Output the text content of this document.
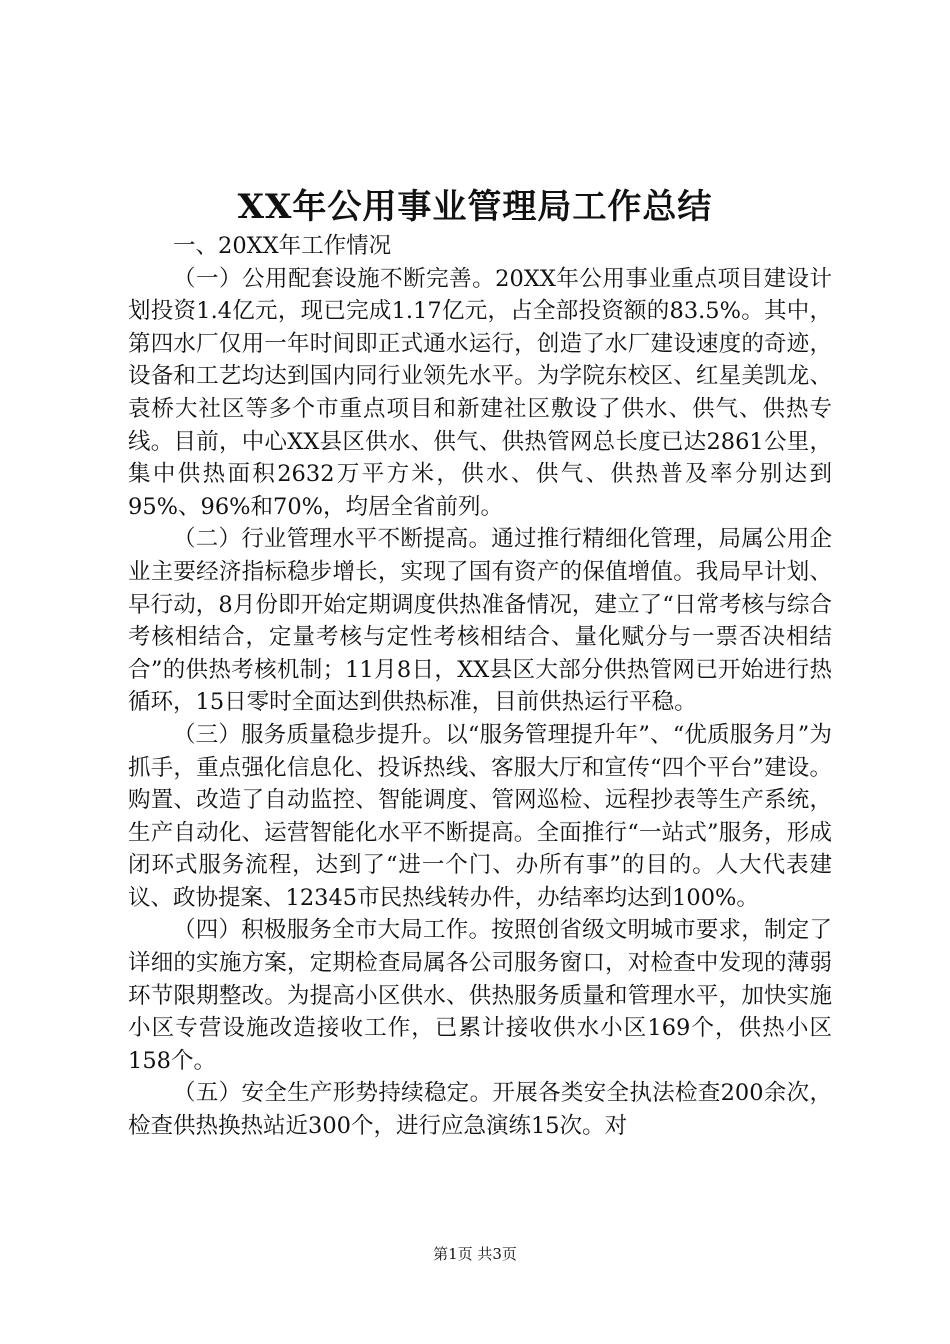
XX年公用事业管理局工作总结

一、20XX年工作情况

（一）公用配套设施不断完善。20XX年公用事业重点项目建设计划投资1.4亿元，现已完成1.17亿元，占全部投资额的83.5%。其中，第四水厂仅用一年时间即正式通水运行，创造了水厂建设速度的奇迹，设备和工艺均达到国内同行业领先水平。为学院东校区、红星美凯龙、袁桥大社区等多个市重点项目和新建社区敷设了供水、供气、供热专线。目前，中心XX县区供水、供气、供热管网总长度已达2861公里，集中供热面积2632万平方米，供水、供气、供热普及率分别达到95%、96%和70%，均居全省前列。

（二）行业管理水平不断提高。通过推行精细化管理，局属公用企业主要经济指标稳步增长，实现了国有资产的保值增值。我局早计划、早行动，8月份即开始定期调度供热准备情况，建立了“日常考核与综合考核相结合，定量考核与定性考核相结合、量化赋分与一票否决相结合”的供热考核机制；11月8日，XX县区大部分供热管网已开始进行热循环，15日零时全面达到供热标准，目前供热运行平稳。

（三）服务质量稳步提升。以“服务管理提升年”、“优质服务月”为抓手，重点强化信息化、投诉热线、客服大厅和宣传“四个平台”建设。购置、改造了自动监控、智能调度、管网巡检、远程抄表等生产系统，生产自动化、运营智能化水平不断提高。全面推行“一站式”服务，形成闭环式服务流程，达到了“进一个门、办所有事”的目的。人大代表建议、政协提案、12345市民热线转办件，办结率均达到100%。

（四）积极服务全市大局工作。按照创省级文明城市要求，制定了详细的实施方案，定期检查局属各公司服务窗口，对检查中发现的薄弱环节限期整改。为提高小区供水、供热服务质量和管理水平，加快实施小区专营设施改造接收工作，已累计接收供水小区169个，供热小区158个。

（五）安全生产形势持续稳定。开展各类安全执法检查200余次，检查供热换热站近300个，进行应急演练15次。对

第1页 共3页
